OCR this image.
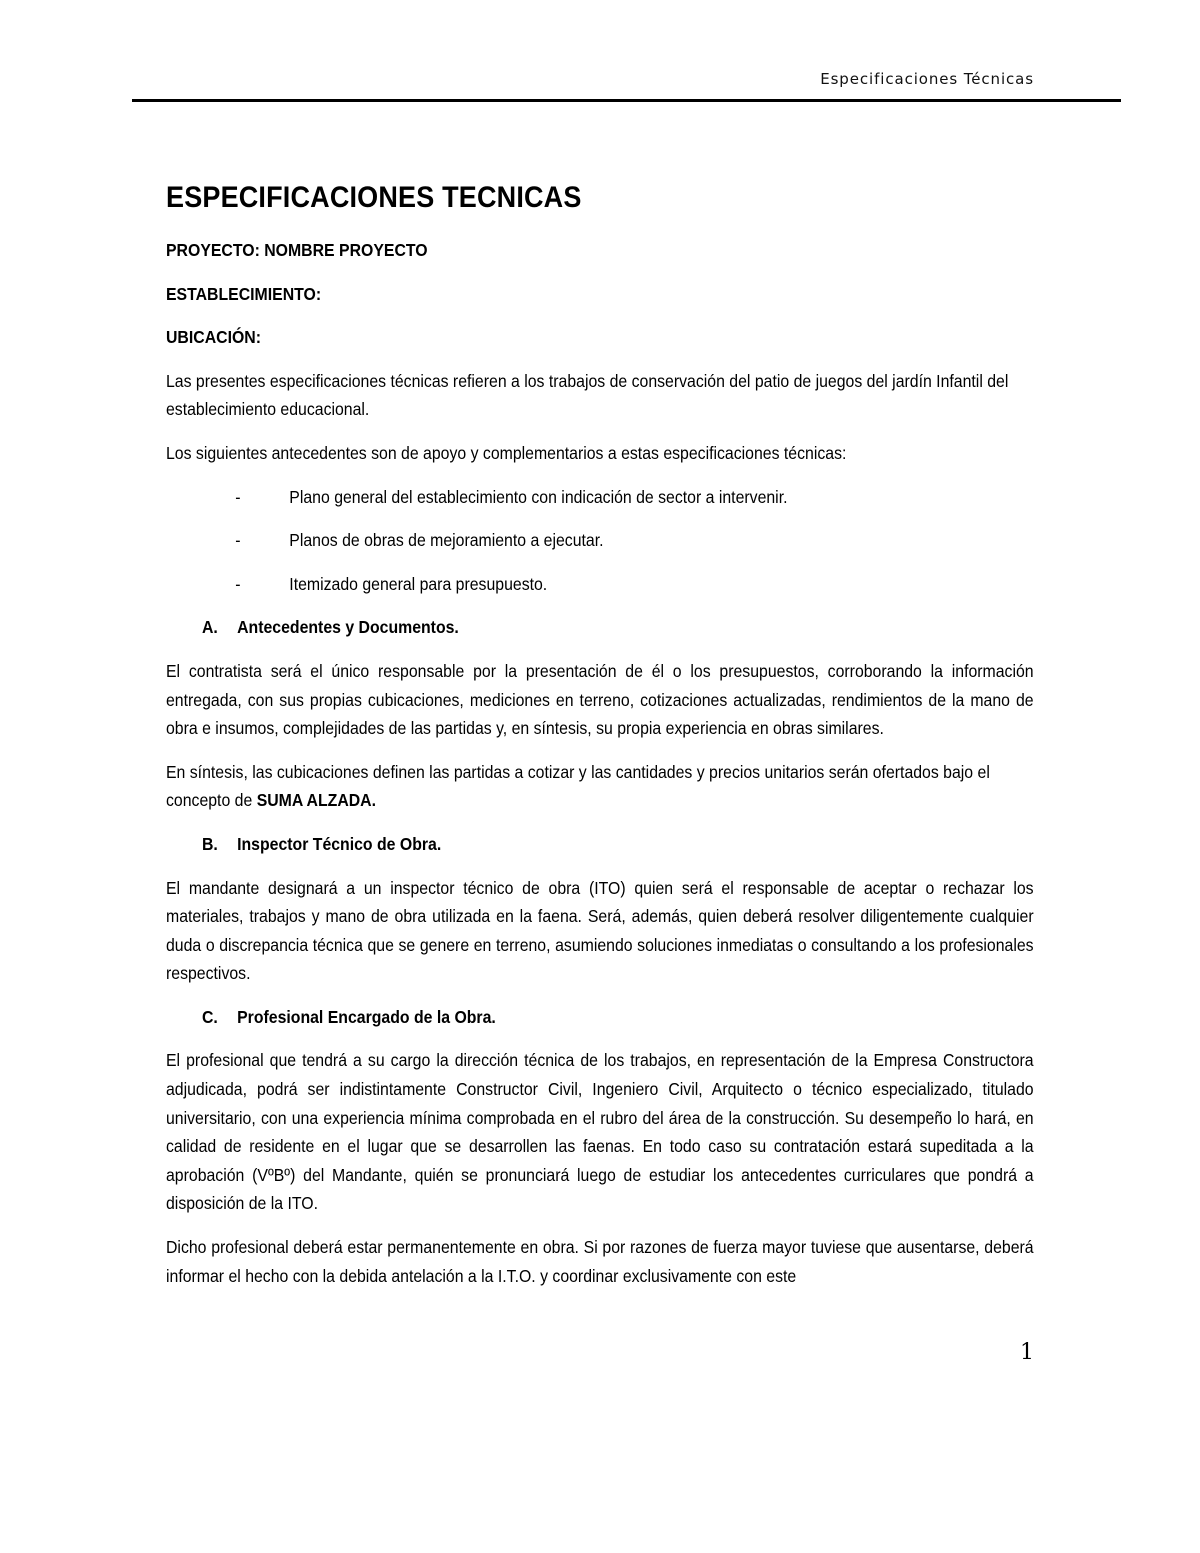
Especificaciones Técnicas
ESPECIFICACIONES TECNICAS
PROYECTO: NOMBRE PROYECTO
ESTABLECIMIENTO:
UBICACIÓN:

Las presentes especificaciones técnicas refieren a los trabajos de conservación del patio de juegos del jardín Infantil del establecimiento educacional.

Los siguientes antecedentes son de apoyo y complementarios a estas especificaciones técnicas:

-	Plano general del establecimiento con indicación de sector a intervenir.
-	Planos de obras de mejoramiento a ejecutar.
-	Itemizado general para presupuesto.
A. Antecedentes y Documentos.

El contratista será el único responsable por la presentación de él o los presupuestos, corroborando la información entregada, con sus propias cubicaciones, mediciones en terreno, cotizaciones actualizadas, rendimientos de la mano de obra e insumos, complejidades de las partidas y, en síntesis, su propia experiencia en obras similares.

En síntesis, las cubicaciones definen las partidas a cotizar y las cantidades y precios unitarios serán ofertados bajo el concepto de SUMA ALZADA.

B. Inspector Técnico de Obra.

El mandante designará a un inspector técnico de obra (ITO) quien será el responsable de aceptar o rechazar los materiales, trabajos y mano de obra utilizada en la faena. Será, además, quien deberá resolver diligentemente cualquier duda o discrepancia técnica que se genere en terreno, asumiendo soluciones inmediatas o consultando a los profesionales respectivos.

C. Profesional Encargado de la Obra.

El profesional que tendrá a su cargo la dirección técnica de los trabajos, en representación de la Empresa Constructora adjudicada, podrá ser indistintamente Constructor Civil, Ingeniero Civil, Arquitecto o técnico especializado, titulado universitario, con una experiencia mínima comprobada en el rubro del área de la construcción. Su desempeño lo hará, en calidad de residente en el lugar que se desarrollen las faenas. En todo caso su contratación estará supeditada a la aprobación (VºBº) del Mandante, quién se pronunciará luego de estudiar los antecedentes curriculares que pondrá a disposición de la ITO.

Dicho profesional deberá estar permanentemente en obra. Si por razones de fuerza mayor tuviese que ausentarse, deberá informar el hecho con la debida antelación a la I.T.O. y coordinar exclusivamente con este

1
